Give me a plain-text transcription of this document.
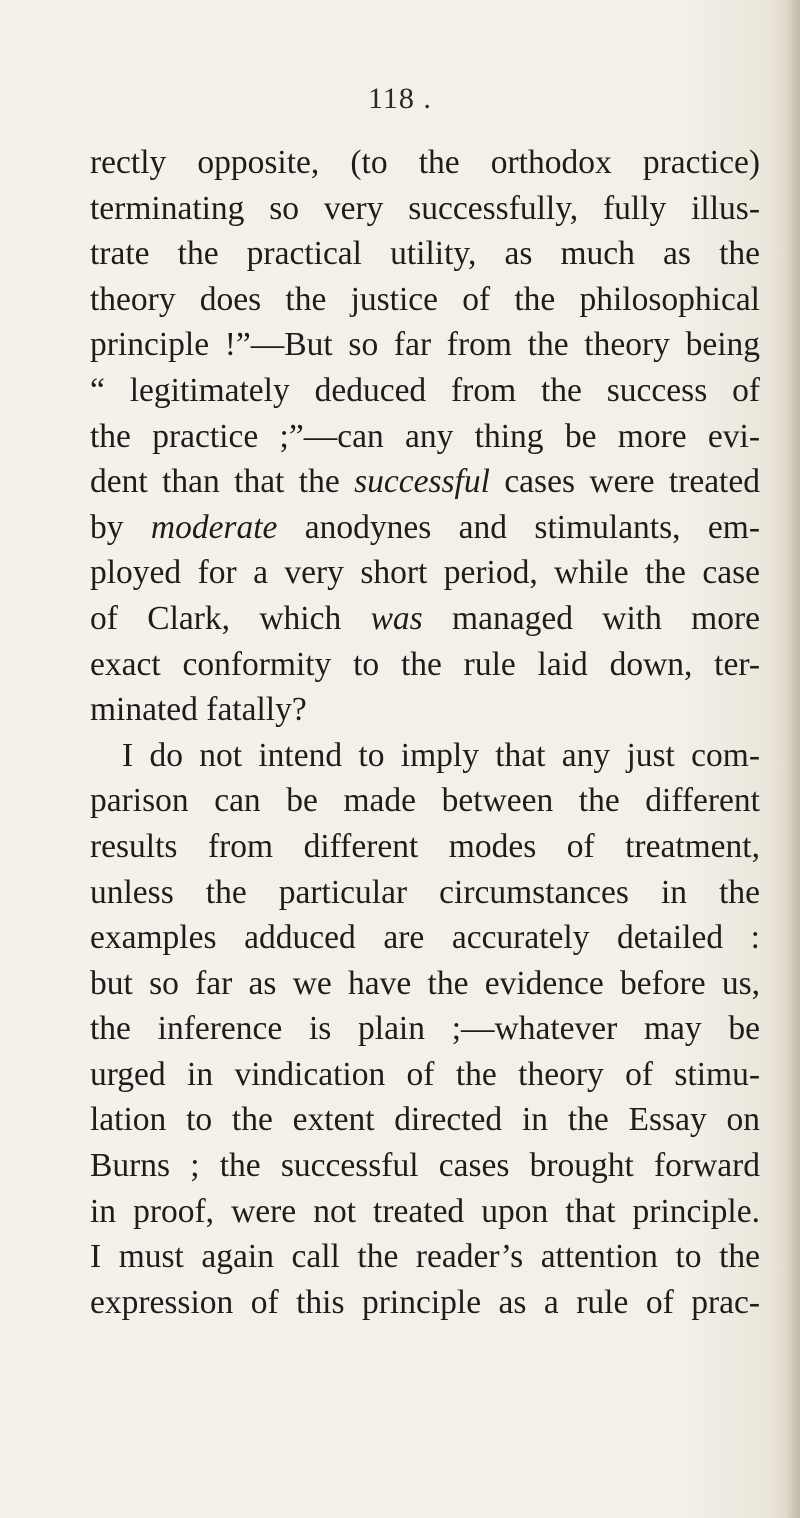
118 .
rectly opposite, (to the orthodox practice)
terminating so very successfully, fully illus-
trate the practical utility, as much as the
theory does the justice of the philosophical
principle !”—But so far from the theory being
“ legitimately deduced from the success of
the practice ;”—can any thing be more evi-
dent than that the successful cases were treated
by moderate anodynes and stimulants, em-
ployed for a very short period, while the case
of Clark, which was managed with more
exact conformity to the rule laid down, ter-
minated fatally?
I do not intend to imply that any just com-
parison can be made between the different
results from different modes of treatment,
unless the particular circumstances in the
examples adduced are accurately detailed :
but so far as we have the evidence before us,
the inference is plain ;—whatever may be
urged in vindication of the theory of stimu-
lation to the extent directed in the Essay on
Burns ; the successful cases brought forward
in proof, were not treated upon that principle.
I must again call the reader’s attention to the
expression of this principle as a rule of prac-
